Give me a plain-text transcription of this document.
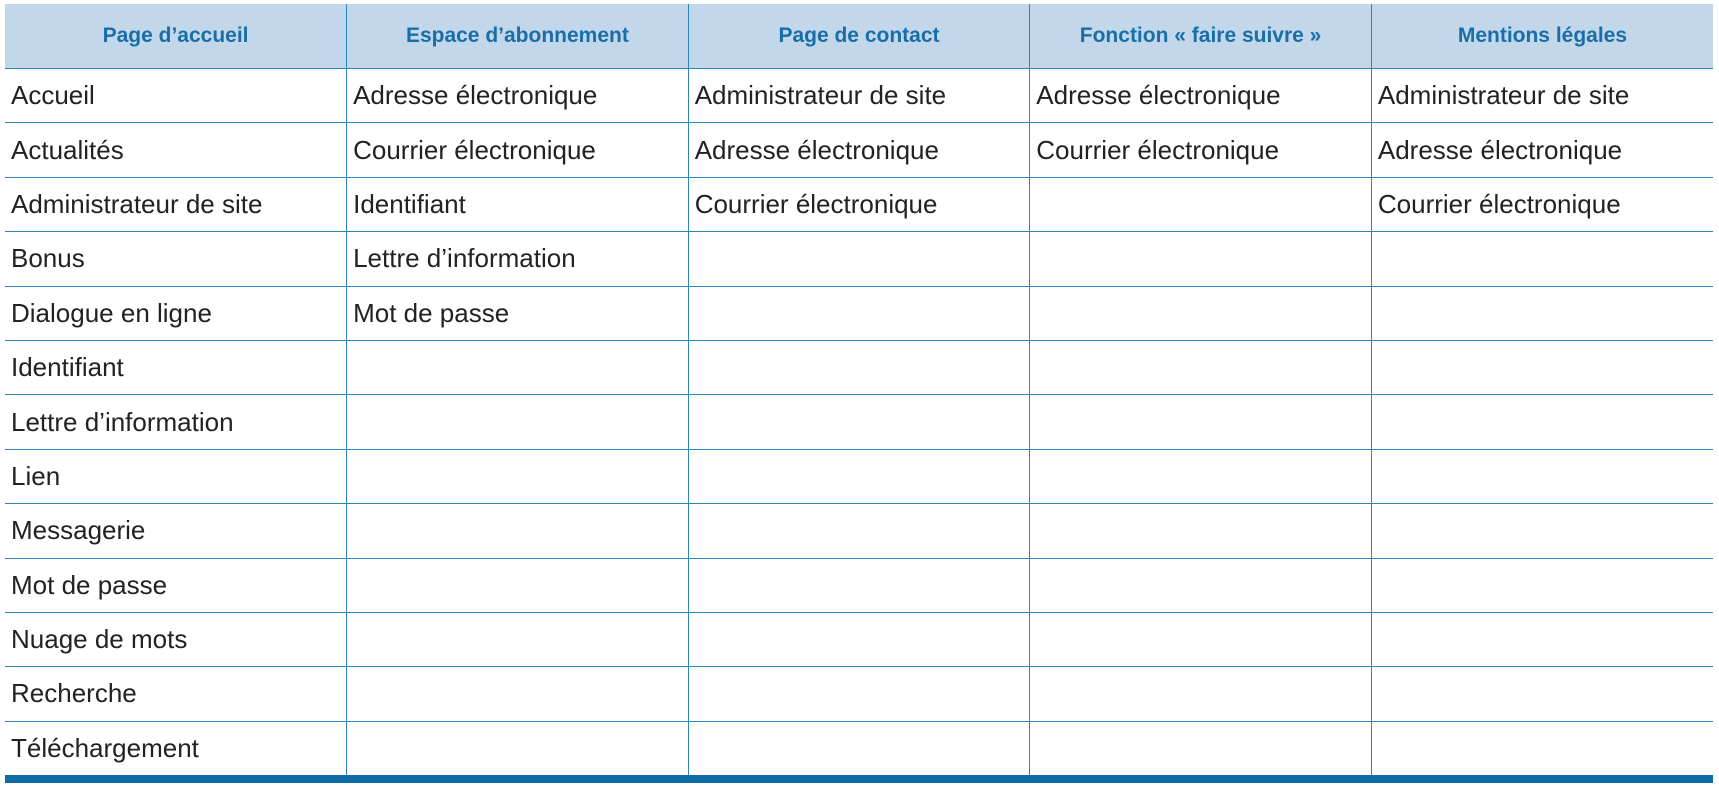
Page d’accueil	Espace d’abonnement	Page de contact	Fonction « faire suivre »	Mentions légales
Accueil	Adresse électronique	Administrateur de site	Adresse électronique	Administrateur de site
Actualités	Courrier électronique	Adresse électronique	Courrier électronique	Adresse électronique
Administrateur de site	Identifiant	Courrier électronique		Courrier électronique
Bonus	Lettre d’information			
Dialogue en ligne	Mot de passe			
Identifiant				
Lettre d’information				
Lien				
Messagerie				
Mot de passe				
Nuage de mots				
Recherche				
Téléchargement				
